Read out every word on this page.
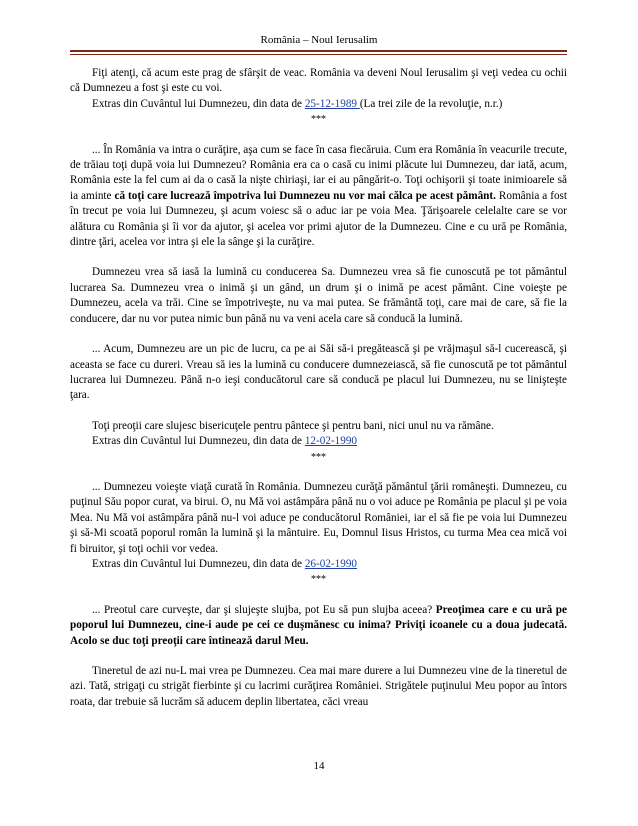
România – Noul Ierusalim

Fiţi atenţi, că acum este prag de sfârşit de veac. România va deveni Noul Ierusalim şi veţi vedea cu ochii că Dumnezeu a fost şi este cu voi.

Extras din Cuvântul lui Dumnezeu, din data de 25-12-1989 (La trei zile de la revoluţie, n.r.)

***

... În România va intra o curăţire, aşa cum se face în casa fiecăruia. Cum era România în veacurile trecute, de trăiau toţi după voia lui Dumnezeu? România era ca o casă cu inimi plăcute lui Dumnezeu, dar iată, acum, România este la fel cum ai da o casă la nişte chiriaşi, iar ei au pângărit-o. Toţi ochişorii şi toate inimioarele să ia aminte că toţi care lucrează împotriva lui Dumnezeu nu vor mai călca pe acest pământ. România a fost în trecut pe voia lui Dumnezeu, şi acum voiesc să o aduc iar pe voia Mea. Ţărişoarele celelalte care se vor alătura cu România şi îi vor da ajutor, şi acelea vor primi ajutor de la Dumnezeu. Cine e cu ură pe România, dintre ţări, acelea vor intra şi ele la sânge şi la curăţire.

Dumnezeu vrea să iasă la lumină cu conducerea Sa. Dumnezeu vrea să fie cunoscută pe tot pământul lucrarea Sa. Dumnezeu vrea o inimă şi un gând, un drum şi o inimă pe acest pământ. Cine voieşte pe Dumnezeu, acela va trăi. Cine se împotriveşte, nu va mai putea. Se frământă toţi, care mai de care, să fie la conducere, dar nu vor putea nimic bun până nu va veni acela care să conducă la lumină.

... Acum, Dumnezeu are un pic de lucru, ca pe ai Săi să-i pregătească şi pe vrăjmaşul să-l cucerească, şi aceasta se face cu dureri. Vreau să ies la lumină cu conducere dumnezeiască, să fie cunoscută pe tot pământul lucrarea lui Dumnezeu. Până n-o ieşi conducătorul care să conducă pe placul lui Dumnezeu, nu se linişteşte ţara.

Toţi preoţii care slujesc bisericuţele pentru pântece şi pentru bani, nici unul nu va rămâne.

Extras din Cuvântul lui Dumnezeu, din data de 12-02-1990

***

... Dumnezeu voieşte viaţă curată în România. Dumnezeu curăţă pământul ţării româneşti. Dumnezeu, cu puţinul Său popor curat, va birui. O, nu Mă voi astâmpăra până nu o voi aduce pe România pe placul şi pe voia Mea. Nu Mă voi astâmpăra până nu-l voi aduce pe conducătorul României, iar el să fie pe voia lui Dumnezeu şi să-Mi scoată poporul român la lumină şi la mântuire. Eu, Domnul Iisus Hristos, cu turma Mea cea mică voi fi biruitor, şi toţi ochii vor vedea.

Extras din Cuvântul lui Dumnezeu, din data de 26-02-1990

***

... Preotul care curveşte, dar şi slujeşte slujba, pot Eu să pun slujba aceea? Preoţimea care e cu ură pe poporul lui Dumnezeu, cine-i aude pe cei ce duşmănesc cu inima? Priviţi icoanele cu a doua judecată. Acolo se duc toţi preoţii care întinează darul Meu.

Tineretul de azi nu-L mai vrea pe Dumnezeu. Cea mai mare durere a lui Dumnezeu vine de la tineretul de azi. Tată, strigaţi cu strigăt fierbinte şi cu lacrimi curăţirea României. Strigătele puţinului Meu popor au întors roata, dar trebuie să lucrăm să aducem deplin libertatea, căci vreau

14
